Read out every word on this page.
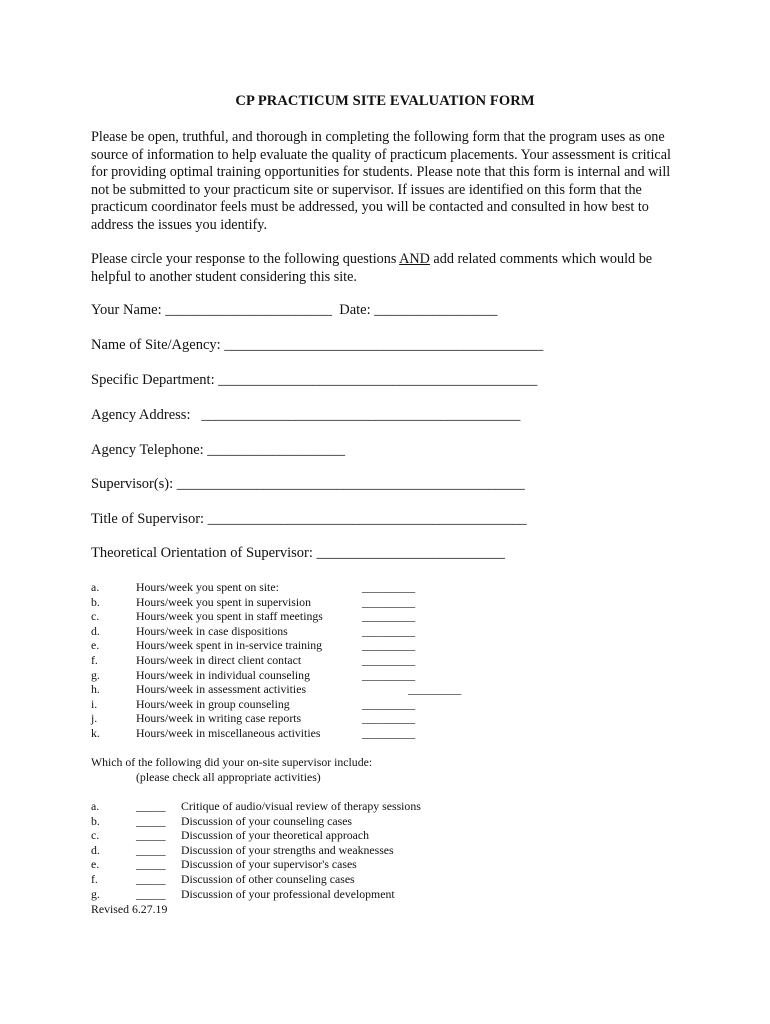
CP PRACTICUM SITE EVALUATION FORM

Please be open, truthful, and thorough in completing the following form that the program uses as one source of information to help evaluate the quality of practicum placements. Your assessment is critical for providing optimal training opportunities for students. Please note that this form is internal and will not be submitted to your practicum site or supervisor. If issues are identified on this form that the practicum coordinator feels must be addressed, you will be contacted and consulted in how best to address the issues you identify.

Please circle your response to the following questions AND add related comments which would be helpful to another student considering this site.

Your Name: _______________________  Date: _________________
Name of Site/Agency: ____________________________________________
Specific Department: ____________________________________________
Agency Address:   ____________________________________________
Agency Telephone: ___________________
Supervisor(s): ________________________________________________
Title of Supervisor: ____________________________________________
Theoretical Orientation of Supervisor: __________________________
a.	Hours/week you spent on site:	_________
b.	Hours/week you spent in supervision	_________
c.	Hours/week you spent in staff meetings	_________
d.	Hours/week in case dispositions	_________
e.	Hours/week spent in in-service training	_________
f.	Hours/week in direct client contact	_________
g.	Hours/week in individual counseling	_________
h.	Hours/week in assessment activities	_________
i.	Hours/week in group counseling	_________
j.	Hours/week in writing case reports	_________
k.	Hours/week in miscellaneous activities	_________
Which of the following did your on-site supervisor include:
(please check all appropriate activities)
a.	_____ Critique of audio/visual review of therapy sessions
b.	_____ Discussion of your counseling cases
c.	_____ Discussion of your theoretical approach
d.	_____ Discussion of your strengths and weaknesses
e.	_____ Discussion of your supervisor's cases
f.	_____ Discussion of other counseling cases
g.	_____ Discussion of your professional development
Revised 6.27.19
